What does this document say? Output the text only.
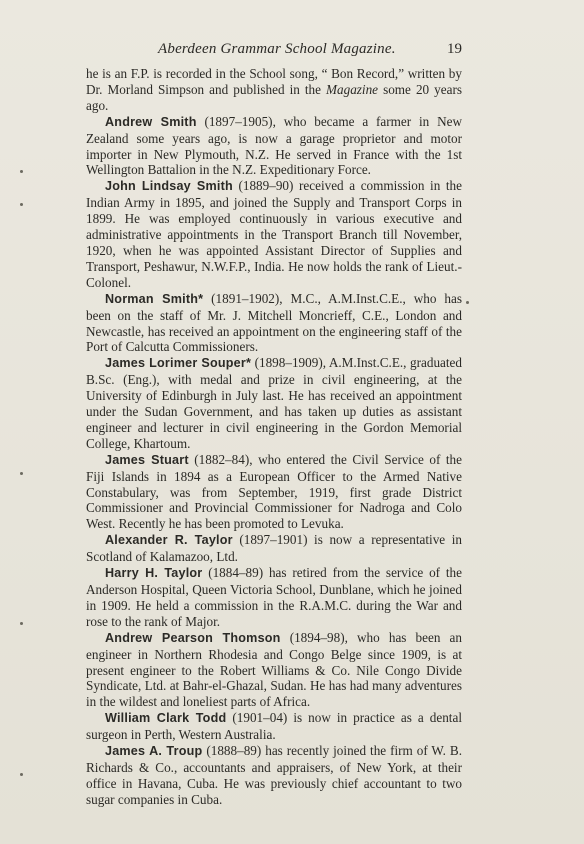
Aberdeen Grammar School Magazine.	19

he is an F.P. is recorded in the School song, “ Bon Record,” written by Dr. Morland Simpson and published in the Magazine some 20 years ago.

Andrew Smith (1897–1905), who became a farmer in New Zealand some years ago, is now a garage proprietor and motor importer in New Plymouth, N.Z. He served in France with the 1st Wellington Battalion in the N.Z. Expeditionary Force.

John Lindsay Smith (1889–90) received a commission in the Indian Army in 1895, and joined the Supply and Transport Corps in 1899. He was employed continuously in various executive and administrative appointments in the Transport Branch till November, 1920, when he was appointed Assistant Director of Supplies and Transport, Peshawur, N.W.F.P., India. He now holds the rank of Lieut.-Colonel.

Norman Smith* (1891–1902), M.C., A.M.Inst.C.E., who has been on the staff of Mr. J. Mitchell Moncrieff, C.E., London and Newcastle, has received an appointment on the engineering staff of the Port of Calcutta Commissioners.

James Lorimer Souper* (1898–1909), A.M.Inst.C.E., graduated B.Sc. (Eng.), with medal and prize in civil engineering, at the University of Edinburgh in July last. He has received an appointment under the Sudan Government, and has taken up duties as assistant engineer and lecturer in civil engineering in the Gordon Memorial College, Khartoum.

James Stuart (1882–84), who entered the Civil Service of the Fiji Islands in 1894 as a European Officer to the Armed Native Constabulary, was from September, 1919, first grade District Commissioner and Provincial Commissioner for Nadroga and Colo West. Recently he has been promoted to Levuka.

Alexander R. Taylor (1897–1901) is now a representative in Scotland of Kalamazoo, Ltd.

Harry H. Taylor (1884–89) has retired from the service of the Anderson Hospital, Queen Victoria School, Dunblane, which he joined in 1909. He held a commission in the R.A.M.C. during the War and rose to the rank of Major.

Andrew Pearson Thomson (1894–98), who has been an engineer in Northern Rhodesia and Congo Belge since 1909, is at present engineer to the Robert Williams & Co. Nile Congo Divide Syndicate, Ltd. at Bahr-el-Ghazal, Sudan. He has had many adventures in the wildest and loneliest parts of Africa.

William Clark Todd (1901–04) is now in practice as a dental surgeon in Perth, Western Australia.

James A. Troup (1888–89) has recently joined the firm of W. B. Richards & Co., accountants and appraisers, of New York, at their office in Havana, Cuba. He was previously chief accountant to two sugar companies in Cuba.
